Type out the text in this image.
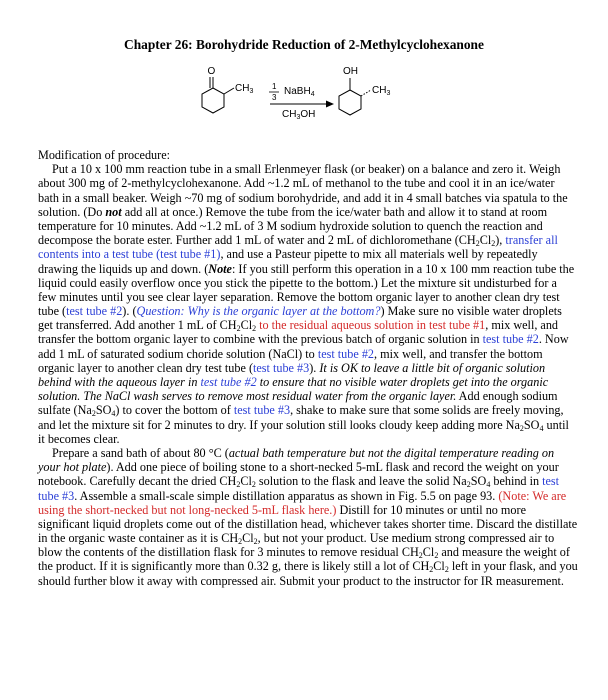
Chapter 26: Borohydride Reduction of 2-Methylcyclohexanone
O
CH3
1
3
NaBH4
CH3OH
OH
CH3

Modification of procedure:

Put a 10 x 100 mm reaction tube in a small Erlenmeyer flask (or beaker) on a balance and zero it. Weigh about 300 mg of 2-methylcyclohexanone. Add ~1.2 mL of methanol to the tube and cool it in an ice/water bath in a small beaker. Weigh ~70 mg of sodium borohydride, and add it in 4 small batches via spatula to the solution. (Do not add all at once.) Remove the tube from the ice/water bath and allow it to stand at room temperature for 10 minutes. Add ~1.2 mL of 3 M sodium hydroxide solution to quench the reaction and decompose the borate ester. Further add 1 mL of water and 2 mL of dichloromethane $(CH_2Cl_2)$, transfer all contents into a test tube (test tube #1), and use a Pasteur pipette to mix all materials well by repeatedly drawing the liquids up and down. (Note: If you still perform this operation in a 10 x 100 mm reaction tube the liquid could easily overflow once you stick the pipette to the bottom.) Let the mixture sit undisturbed for a few minutes until you see clear layer separation. Remove the bottom organic layer to another clean dry test tube (test tube #2). (Question: Why is the organic layer at the bottom?) Make sure no visible water droplets get transferred. Add another 1 mL of $CH_2Cl_2$ to the residual aqueous solution in test tube #1, mix well, and transfer the bottom organic layer to combine with the previous batch of organic solution in test tube #2. Now add 1 mL of saturated sodium choride solution (NaCl) to test tube #2, mix well, and transfer the bottom organic layer to another clean dry test tube (test tube #3). It is OK to leave a little bit of organic solution behind with the aqueous layer in test tube #2 to ensure that no visible water droplets get into the organic solution. The NaCl wash serves to remove most residual water from the organic layer. Add enough sodium sulfate $(Na_2SO_4)$ to cover the bottom of test tube #3, shake to make sure that some solids are freely moving, and let the mixture sit for 2 minutes to dry. If your solution still looks cloudy keep adding more $Na_2SO_4$ until it becomes clear.

Prepare a sand bath of about 80 °C (actual bath temperature but not the digital temperature reading on your hot plate). Add one piece of boiling stone to a short-necked 5-mL flask and record the weight on your notebook. Carefully decant the dried $CH_2Cl_2$ solution to the flask and leave the solid $Na_2SO_4$ behind in test tube #3. Assemble a small-scale simple distillation apparatus as shown in Fig. 5.5 on page 93. (Note: We are using the short-necked but not long-necked 5-mL flask here.) Distill for 10 minutes or until no more significant liquid droplets come out of the distillation head, whichever takes shorter time. Discard the distillate in the organic waste container as it is $CH_2Cl_2$, but not your product. Use medium strong compressed air to blow the contents of the distillation flask for 3 minutes to remove residual $CH_2Cl_2$ and measure the weight of the product. If it is significantly more than 0.32 g, there is likely still a lot of $CH_2Cl_2$ left in your flask, and you should further blow it away with compressed air. Submit your product to the instructor for IR measurement.
